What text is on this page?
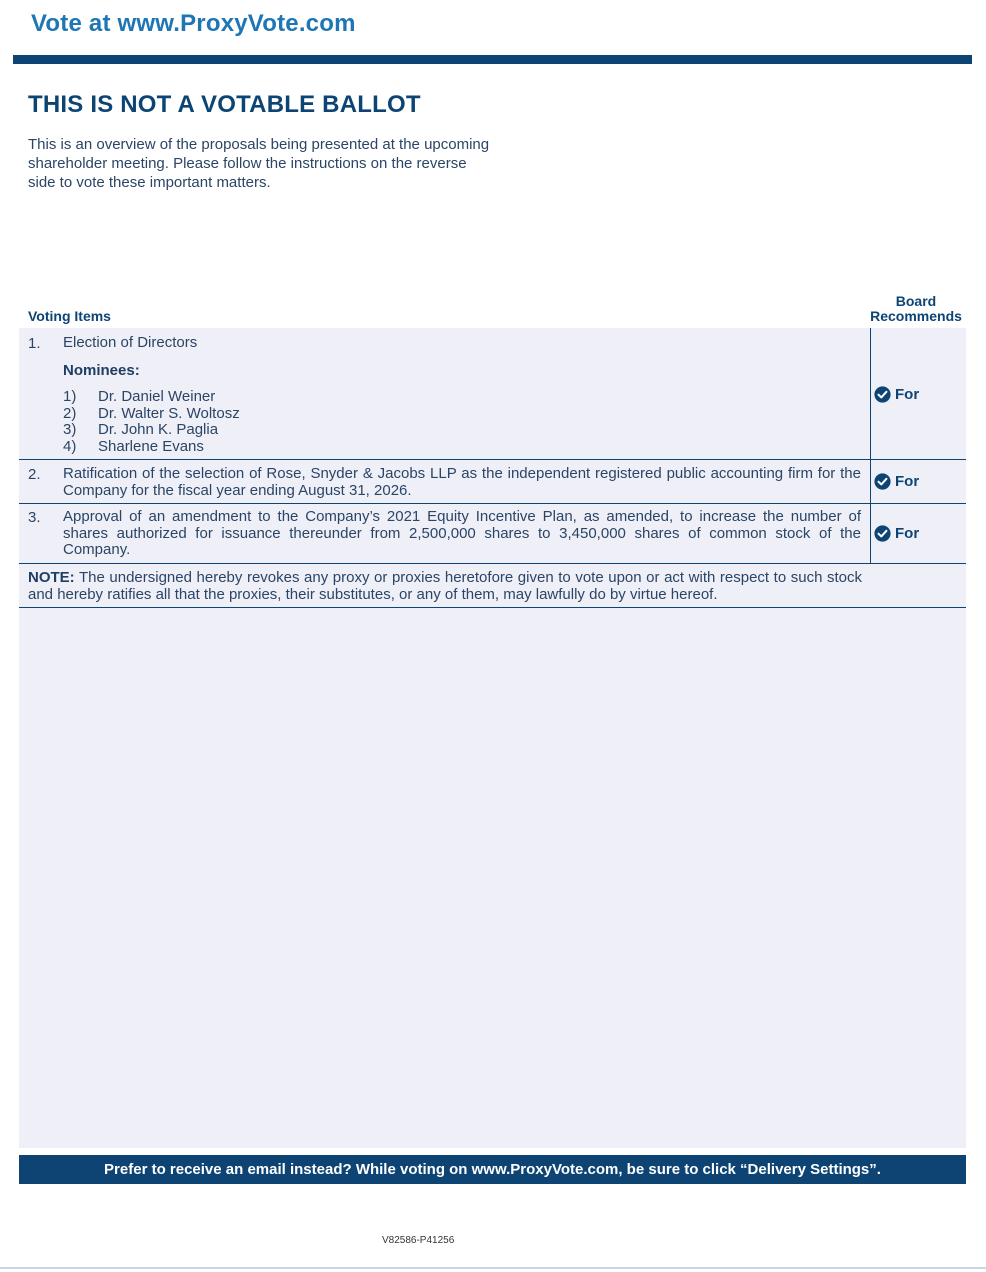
Vote at www.ProxyVote.com
THIS IS NOT A VOTABLE BALLOT
This is an overview of the proposals being presented at the upcoming shareholder meeting. Please follow the instructions on the reverse side to vote these important matters.
Voting Items
Board
Recommends
1. Election of Directors
Nominees:
1) Dr. Daniel Weiner
2) Dr. Walter S. Woltosz
3) Dr. John K. Paglia
4) Sharlene Evans
For
2. Ratification of the selection of Rose, Snyder & Jacobs LLP as the independent registered public accounting firm for the Company for the fiscal year ending August 31, 2026.	For
3. Approval of an amendment to the Company’s 2021 Equity Incentive Plan, as amended, to increase the number of shares authorized for issuance thereunder from 2,500,000 shares to 3,450,000 shares of common stock of the Company.
For
NOTE: The undersigned hereby revokes any proxy or proxies heretofore given to vote upon or act with respect to such stock and hereby ratifies all that the proxies, their substitutes, or any of them, may lawfully do by virtue hereof.
Prefer to receive an email instead? While voting on www.ProxyVote.com, be sure to click “Delivery Settings”.
V82586-P41256
